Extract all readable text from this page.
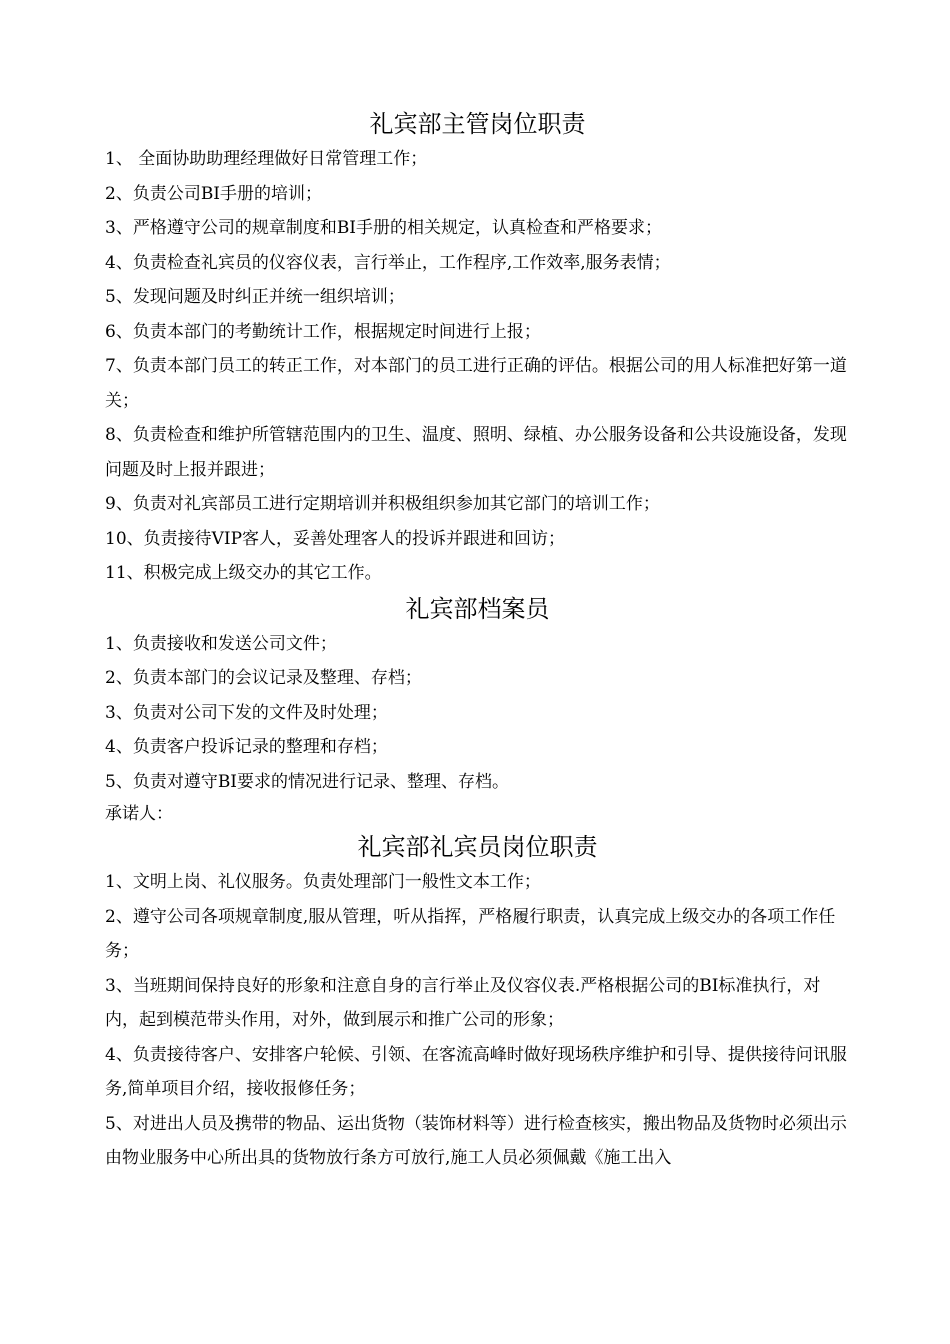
礼宾部主管岗位职责

1、 全面协助助理经理做好日常管理工作；

2、负责公司BI手册的培训；

3、严格遵守公司的规章制度和BI手册的相关规定，认真检查和严格要求；

4、负责检查礼宾员的仪容仪表，言行举止，工作程序,工作效率,服务表情；

5、发现问题及时纠正并统一组织培训；

6、负责本部门的考勤统计工作，根据规定时间进行上报；

7、负责本部门员工的转正工作，对本部门的员工进行正确的评估。根据公司的用人标准把好第一道关；

8、负责检查和维护所管辖范围内的卫生、温度、照明、绿植、办公服务设备和公共设施设备，发现问题及时上报并跟进；

9、负责对礼宾部员工进行定期培训并积极组织参加其它部门的培训工作；

10、负责接待VIP客人，妥善处理客人的投诉并跟进和回访；

11、积极完成上级交办的其它工作。

礼宾部档案员

1、负责接收和发送公司文件；

2、负责本部门的会议记录及整理、存档；

3、负责对公司下发的文件及时处理；

4、负责客户投诉记录的整理和存档；

5、负责对遵守BI要求的情况进行记录、整理、存档。

承诺人：

礼宾部礼宾员岗位职责

1、文明上岗、礼仪服务。负责处理部门一般性文本工作；

2、遵守公司各项规章制度,服从管理，听从指挥，严格履行职责，认真完成上级交办的各项工作任务；

3、当班期间保持良好的形象和注意自身的言行举止及仪容仪表.严格根据公司的BI标准执行，对内，起到模范带头作用，对外，做到展示和推广公司的形象；

4、负责接待客户、安排客户轮候、引领、在客流高峰时做好现场秩序维护和引导、提供接待问讯服务,简单项目介绍，接收报修任务；

5、对进出人员及携带的物品、运出货物（装饰材料等）进行检查核实，搬出物品及货物时必须出示由物业服务中心所出具的货物放行条方可放行,施工人员必须佩戴《施工出入
